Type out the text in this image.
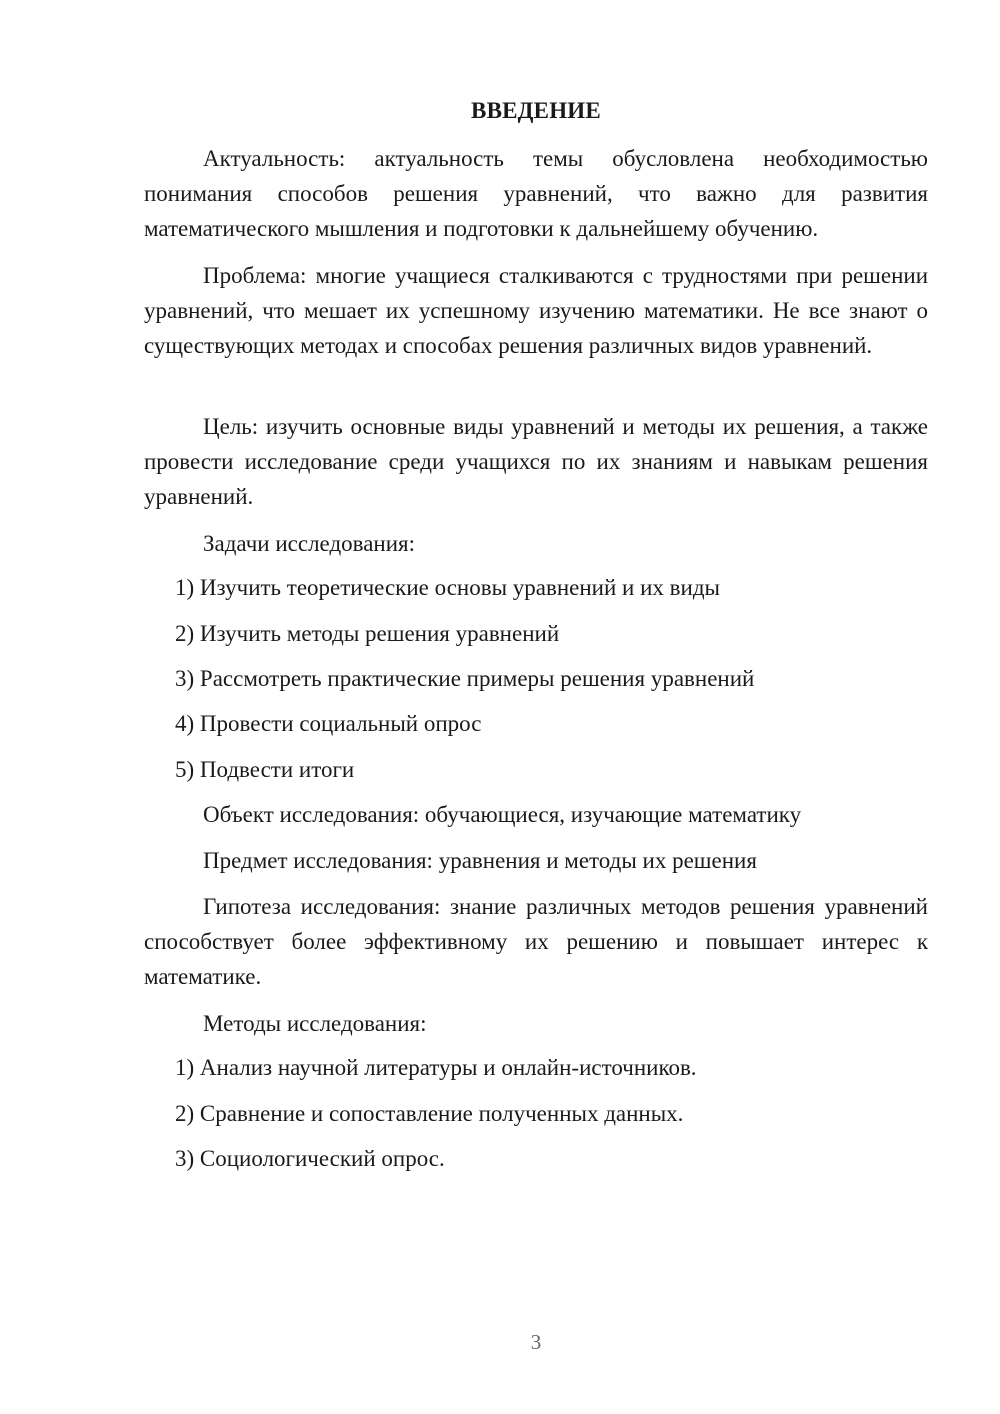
ВВЕДЕНИЕ

Актуальность: актуальность темы обусловлена необходимостью понимания способов решения уравнений, что важно для развития математического мышления и подготовки к дальнейшему обучению.

Проблема: многие учащиеся сталкиваются с трудностями при решении уравнений, что мешает их успешному изучению математики. Не все знают о существующих методах и способах решения различных видов уравнений.

Цель: изучить основные виды уравнений и методы их решения, а также провести исследование среди учащихся по их знаниям и навыкам решения уравнений.

Задачи исследования:

1) Изучить теоретические основы уравнений и их виды

2) Изучить методы решения уравнений

3) Рассмотреть практические примеры решения уравнений

4) Провести социальный опрос

5) Подвести итоги

Объект исследования: обучающиеся, изучающие математику

Предмет исследования: уравнения и методы их решения

Гипотеза исследования: знание различных методов решения уравнений способствует более эффективному их решению и повышает интерес к математике.

Методы исследования:

1) Анализ научной литературы и онлайн-источников.

2) Сравнение и сопоставление полученных данных.

3) Социологический опрос.

3
